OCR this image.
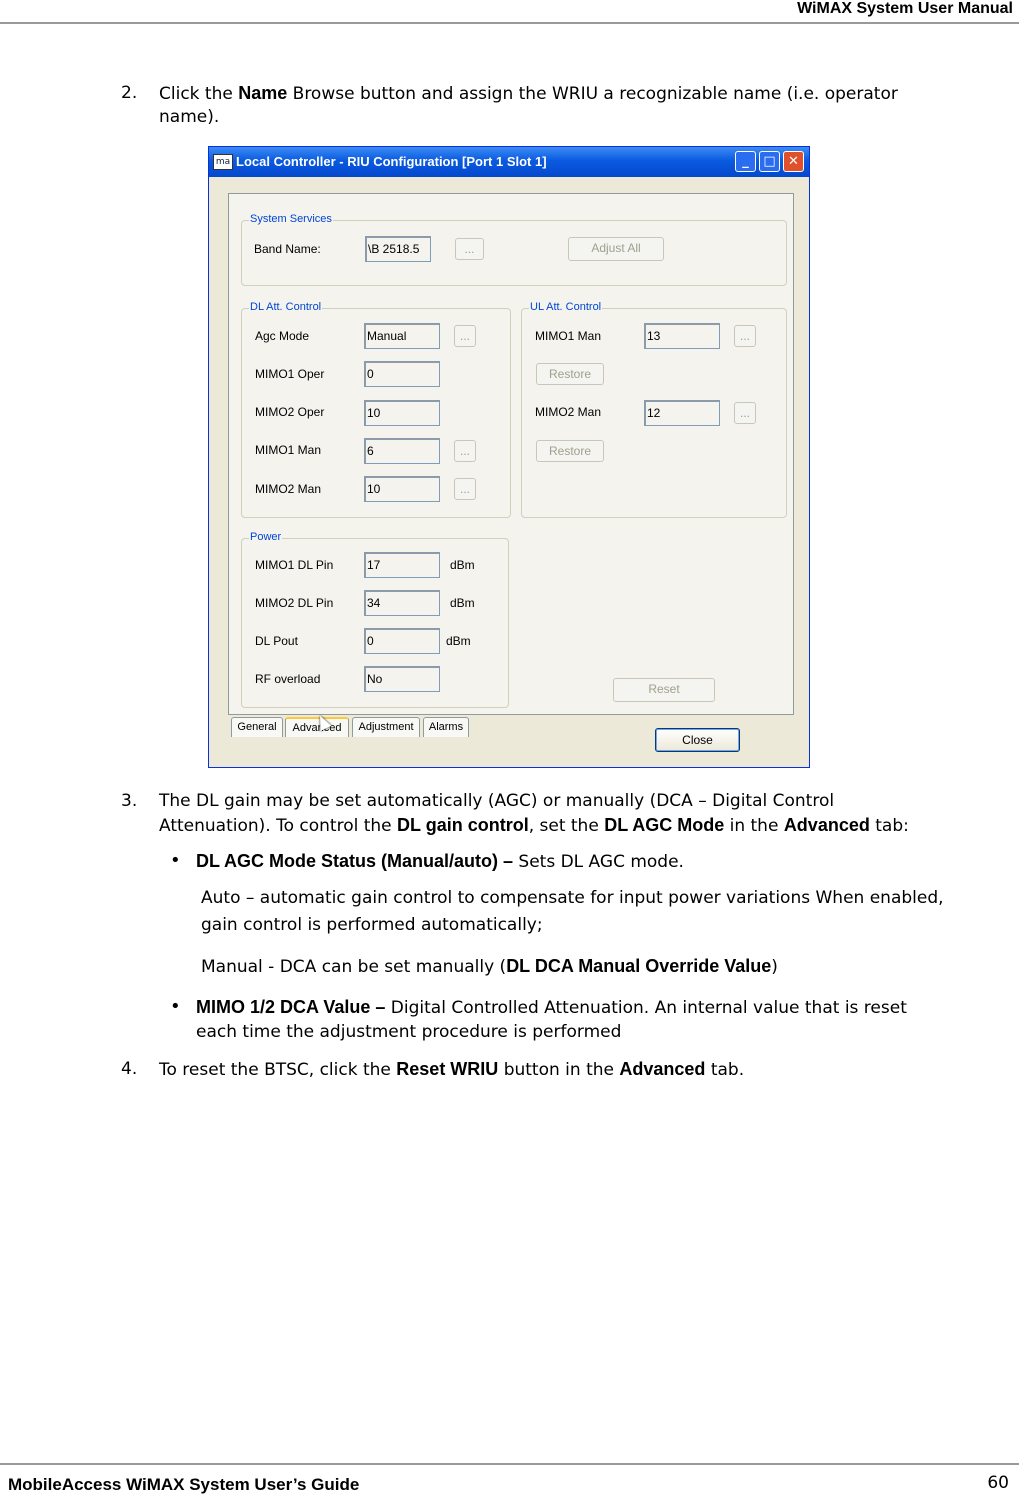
WiMAX System User Manual
2. Click the Name Browse button and assign the WRIU a recognizable name (i.e. operator
name).
ma Local Controller - RIU Configuration [Port 1 Slot 1]	_	□ ✕
System Services
Band Name:	\B 2518.5	...	Adjust All
DL Att. Control
Agc Mode	Manual	...
MIMO1 Oper	0
MIMO2 Oper	10
MIMO1 Man	6	...
MIMO2 Man	10	...
UL Att. Control
MIMO1 Man	13	...
Restore
MIMO2 Man	12	...
Restore
Power
MIMO1 DL Pin	17	dBm
MIMO2 DL Pin	34	dBm
DL Pout	0	dBm
RF overload	No
Reset
General	Advanced	Adjustment	Alarms
Close
3. The DL gain may be set automatically (AGC) or manually (DCA – Digital Control
Attenuation). To control the DL gain control, set the DL AGC Mode in the Advanced tab:
• DL AGC Mode Status (Manual/auto) – Sets DL AGC mode.
Auto – automatic gain control to compensate for input power variations When enabled,
gain control is performed automatically;
Manual - DCA can be set manually (DL DCA Manual Override Value)
• MIMO 1/2 DCA Value – Digital Controlled Attenuation. An internal value that is reset
each time the adjustment procedure is performed
4. To reset the BTSC, click the Reset WRIU button in the Advanced tab.
MobileAccess WiMAX System User’s Guide	60
